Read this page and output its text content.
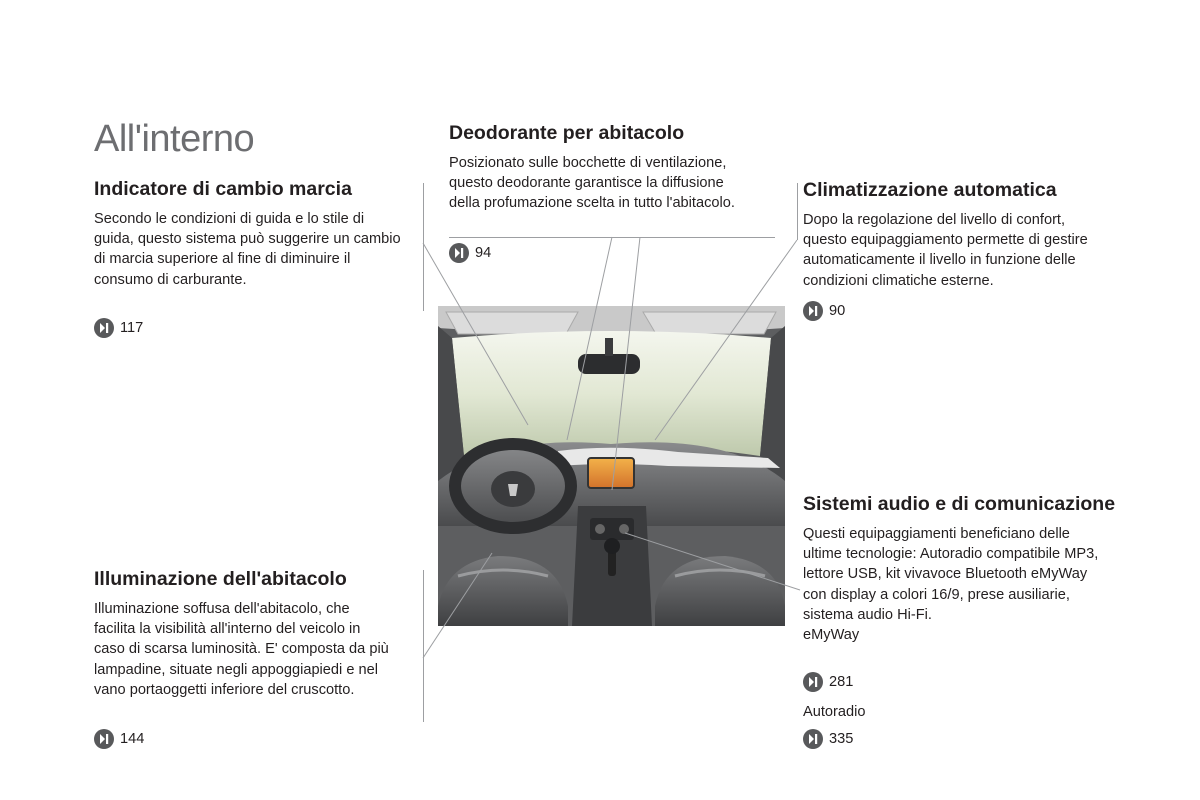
All'interno
Indicatore di cambio marcia

Secondo le condizioni di guida e lo stile di
guida, questo sistema può suggerire un cambio
di marcia superiore al fine di diminuire il
consumo di carburante.

117
Deodorante per abitacolo

Posizionato sulle bocchette di ventilazione,
questo deodorante garantisce la diffusione
della profumazione scelta in tutto l'abitacolo.

94
Climatizzazione automatica

Dopo la regolazione del livello di confort,
questo equipaggiamento permette di gestire
automaticamente il livello in funzione delle
condizioni climatiche esterne.

90
Illuminazione dell'abitacolo

Illuminazione soffusa dell'abitacolo, che
facilita la visibilità all'interno del veicolo in
caso di scarsa luminosità. E' composta da più
lampadine, situate negli appoggiapiedi e nel
vano portaoggetti inferiore del cruscotto.

144
Sistemi audio e di comunicazione

Questi equipaggiamenti beneficiano delle
ultime tecnologie: Autoradio compatibile MP3,
lettore USB, kit vivavoce Bluetooth eMyWay
con display a colori 16/9, prese ausiliarie,
sistema audio Hi-Fi.
eMyWay

281
Autoradio
335
